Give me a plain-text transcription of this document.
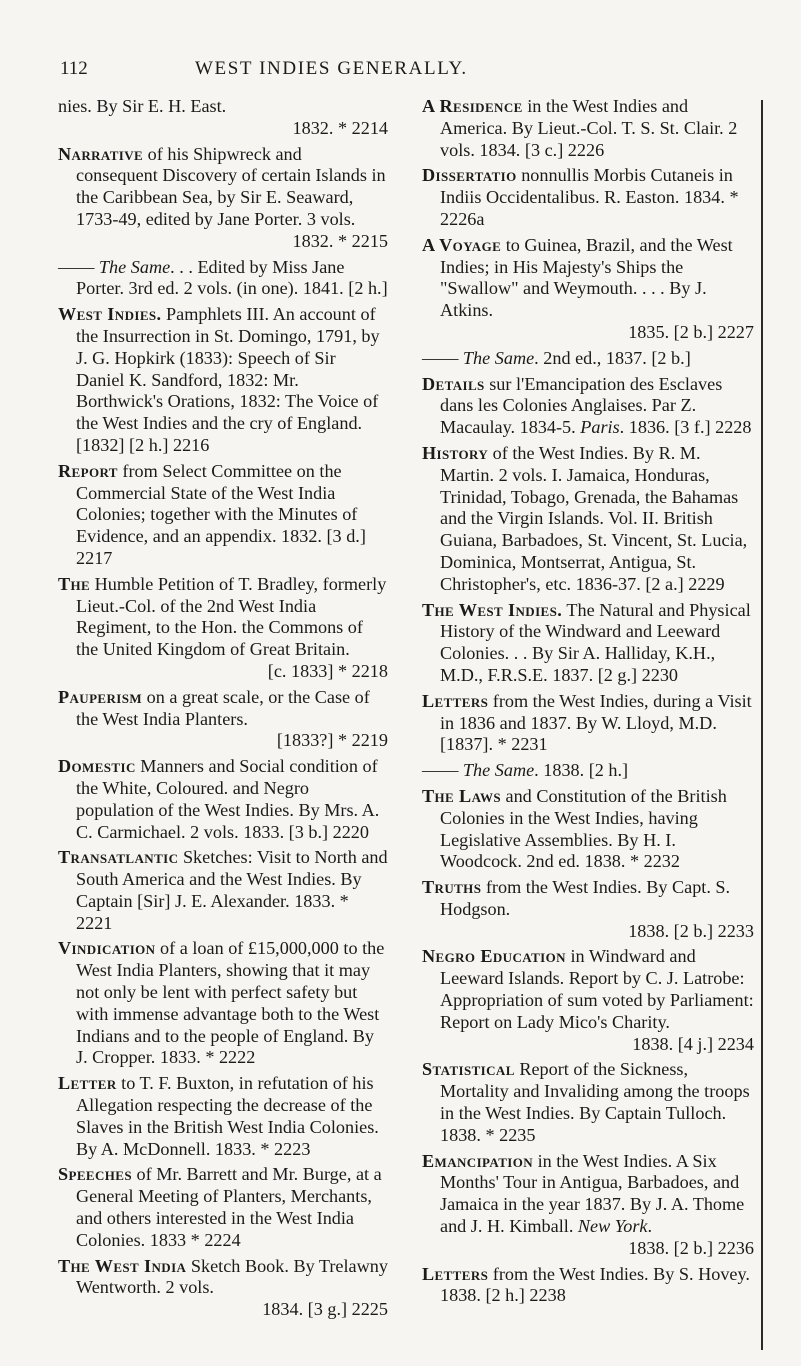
112	WEST INDIES GENERALLY.
nies. By Sir E. H. East.
1832. * 2214
Narrative of his Shipwreck and consequent Discovery of certain Islands in the Caribbean Sea, by Sir E. Seaward, 1733-49, edited by Jane Porter. 3 vols.
1832. * 2215
—— The Same. . . Edited by Miss Jane Porter. 3rd ed. 2 vols. (in one). 1841. [2 h.]
West Indies. Pamphlets III. An account of the Insurrection in St. Domingo, 1791, by J. G. Hopkirk (1833): Speech of Sir Daniel K. Sandford, 1832: Mr. Borthwick's Orations, 1832: The Voice of the West Indies and the cry of England. [1832] [2 h.] 2216
Report from Select Committee on the Commercial State of the West India Colonies; together with the Minutes of Evidence, and an appendix. 1832. [3 d.] 2217
The Humble Petition of T. Bradley, formerly Lieut.-Col. of the 2nd West India Regiment, to the Hon. the Commons of the United Kingdom of Great Britain.
[c. 1833] * 2218
Pauperism on a great scale, or the Case of the West India Planters.
[1833?] * 2219
Domestic Manners and Social condition of the White, Coloured. and Negro population of the West Indies. By Mrs. A. C. Carmichael. 2 vols. 1833. [3 b.] 2220
Transatlantic Sketches: Visit to North and South America and the West Indies. By Captain [Sir] J. E. Alexander. 1833. * 2221
Vindication of a loan of £15,000,000 to the West India Planters, showing that it may not only be lent with perfect safety but with immense advantage both to the West Indians and to the people of England. By J. Cropper. 1833. * 2222
Letter to T. F. Buxton, in refutation of his Allegation respecting the decrease of the Slaves in the British West India Colonies. By A. McDonnell. 1833. * 2223
Speeches of Mr. Barrett and Mr. Burge, at a General Meeting of Planters, Merchants, and others interested in the West India Colonies. 1833 * 2224
The West India Sketch Book. By Trelawny Wentworth. 2 vols.
1834. [3 g.] 2225
A Residence in the West Indies and America. By Lieut.-Col. T. S. St. Clair. 2 vols. 1834. [3 c.] 2226
Dissertatio nonnullis Morbis Cutaneis in Indiis Occidentalibus. R. Easton. 1834. * 2226a
A Voyage to Guinea, Brazil, and the West Indies; in His Majesty's Ships the "Swallow" and Weymouth. . . . By J. Atkins.
1835. [2 b.] 2227
—— The Same. 2nd ed., 1837. [2 b.]
Details sur l'Emancipation des Esclaves dans les Colonies Anglaises. Par Z. Macaulay. 1834-5. Paris. 1836. [3 f.] 2228
History of the West Indies. By R. M. Martin. 2 vols. I. Jamaica, Honduras, Trinidad, Tobago, Grenada, the Bahamas and the Virgin Islands. Vol. II. British Guiana, Barbadoes, St. Vincent, St. Lucia, Dominica, Montserrat, Antigua, St. Christopher's, etc. 1836-37. [2 a.] 2229
The West Indies. The Natural and Physical History of the Windward and Leeward Colonies. . . By Sir A. Halliday, K.H., M.D., F.R.S.E. 1837. [2 g.] 2230
Letters from the West Indies, during a Visit in 1836 and 1837. By W. Lloyd, M.D. [1837]. * 2231
—— The Same. 1838. [2 h.]
The Laws and Constitution of the British Colonies in the West Indies, having Legislative Assemblies. By H. I. Woodcock. 2nd ed. 1838. * 2232
Truths from the West Indies. By Capt. S. Hodgson.
1838. [2 b.] 2233
Negro Education in Windward and Leeward Islands. Report by C. J. Latrobe: Appropriation of sum voted by Parliament: Report on Lady Mico's Charity.
1838. [4 j.] 2234
Statistical Report of the Sickness, Mortality and Invaliding among the troops in the West Indies. By Captain Tulloch. 1838. * 2235
Emancipation in the West Indies. A Six Months' Tour in Antigua, Barbadoes, and Jamaica in the year 1837. By J. A. Thome and J. H. Kimball. New York.
1838. [2 b.] 2236
Letters from the West Indies. By S. Hovey. 1838. [2 h.] 2238
